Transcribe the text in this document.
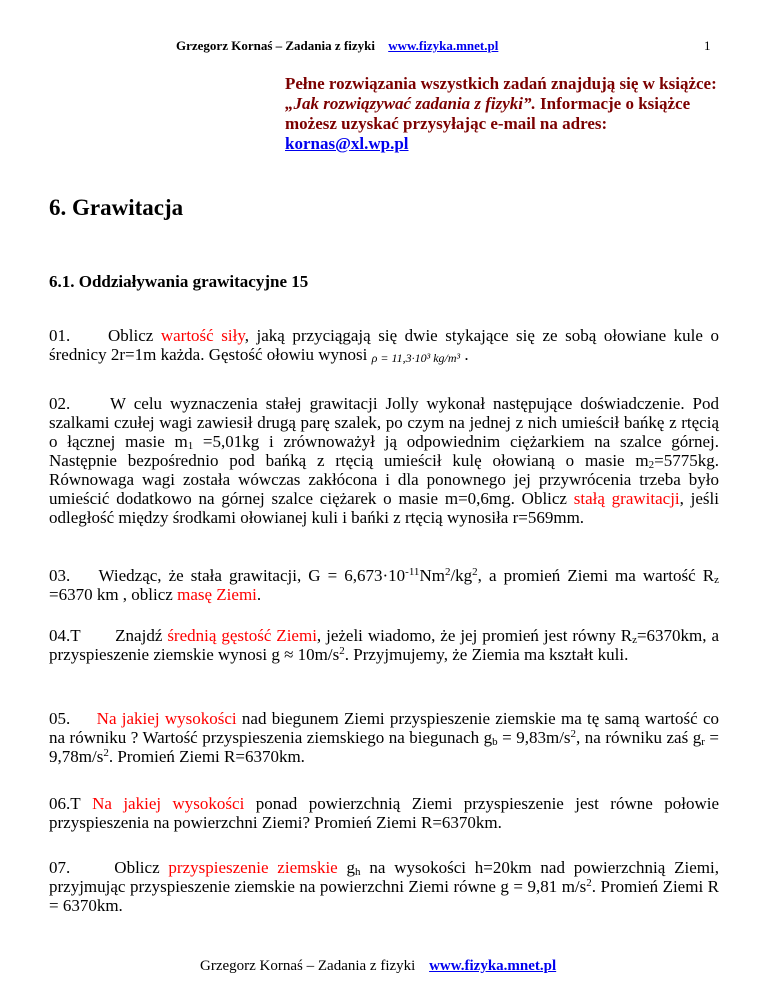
Grzegorz Kornaś – Zadania z fizyki www.fizyka.mnet.pl	1
Pełne rozwiązania wszystkich zadań znajdują się w książce: „Jak rozwiązywać zadania z fizyki”. Informacje o książce możesz uzyskać przysyłając e-mail na adres: kornas@xl.wp.pl
6. Grawitacja
6.1. Oddziaływania grawitacyjne 15
01. Oblicz wartość siły, jaką przyciągają się dwie stykające się ze sobą ołowiane kule o średnicy 2r=1m każda. Gęstość ołowiu wynosi ρ = 11,3·10³ kg/m³ .
02. W celu wyznaczenia stałej grawitacji Jolly wykonał następujące doświadczenie. Pod szalkami czułej wagi zawiesił drugą parę szalek, po czym na jednej z nich umieścił bańkę z rtęcią o łącznej masie $m_1 =5,01kg$ i zrównoważył ją odpowiednim ciężarkiem na szalce górnej. Następnie bezpośrednio pod bańką z rtęcią umieścił kulę ołowianą o masie $m_2=5775kg$. Równowaga wagi została wówczas zakłócona i dla ponownego jej przywrócenia trzeba było umieścić dodatkowo na górnej szalce ciężarek o masie m=0,6mg. Oblicz stałą grawitacji, jeśli odległość między środkami ołowianej kuli i bańki z rtęcią wynosiła r=569mm.
03. Wiedząc, że stała grawitacji, $G = 6,673\cdot 10^{-11}Nm^2/kg^2$, a promień Ziemi ma wartość $R_z =6370$ km , oblicz masę Ziemi.
04.T Znajdź średnią gęstość Ziemi, jeżeli wiadomo, że jej promień jest równy $R_z=6370km$, a przyspieszenie ziemskie wynosi $g \approx 10m/s^2$. Przyjmujemy, że Ziemia ma kształt kuli.
05. Na jakiej wysokości nad biegunem Ziemi przyspieszenie ziemskie ma tę samą wartość co na równiku ? Wartość przyspieszenia ziemskiego na biegunach $g_b = 9,83m/s^2$, na równiku zaś $g_r = 9,78m/s^2$. Promień Ziemi R=6370km.
06.T Na jakiej wysokości ponad powierzchnią Ziemi przyspieszenie jest równe połowie przyspieszenia na powierzchni Ziemi? Promień Ziemi R=6370km.
07.	Oblicz przyspieszenie ziemskie $g_h$ na wysokości h=20km nad powierzchnią Ziemi, przyjmując przyspieszenie ziemskie na powierzchni Ziemi równe g = 9,81 $m/s^2$. Promień Ziemi R = 6370km.
Grzegorz Kornaś – Zadania z fizyki www.fizyka.mnet.pl
